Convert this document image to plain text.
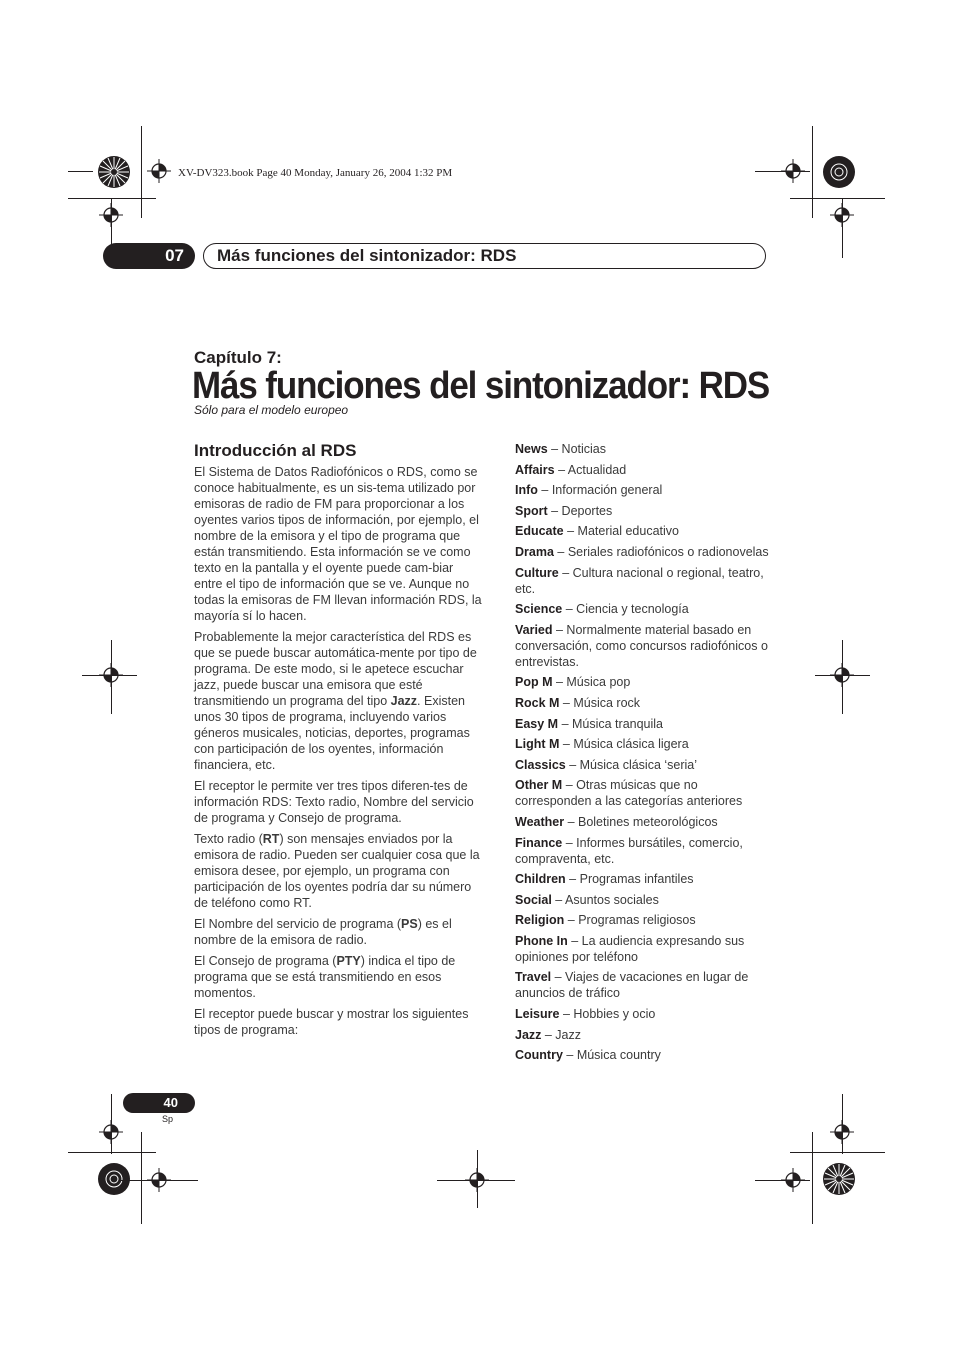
XV-DV323.book Page 40 Monday, January 26, 2004 1:32 PM
07	Más funciones del sintonizador: RDS
Capítulo 7:
Más funciones del sintonizador: RDS
Sólo para el modelo europeo
Introducción al RDS

El Sistema de Datos Radiofónicos o RDS, como se conoce habitualmente, es un sis-tema utilizado por emisoras de radio de FM para proporcionar a los oyentes varios tipos de información, por ejemplo, el nombre de la emisora y el tipo de programa que están transmitiendo. Esta información se ve como texto en la pantalla y el oyente puede cam-biar entre el tipo de información que se ve. Aunque no todas la emisoras de FM llevan información RDS, la mayoría sí lo hacen.

Probablemente la mejor característica del RDS es que se puede buscar automática-mente por tipo de programa. De este modo, si le apetece escuchar jazz, puede buscar una emisora que esté transmitiendo un programa del tipo Jazz. Existen unos 30 tipos de programa, incluyendo varios géneros musicales, noticias, deportes, programas con participación de los oyentes, información financiera, etc.

El receptor le permite ver tres tipos diferen-tes de información RDS: Texto radio, Nombre del servicio de programa y Consejo de programa.

Texto radio (RT) son mensajes enviados por la emisora de radio. Pueden ser cualquier cosa que la emisora desee, por ejemplo, un programa con participación de los oyentes podría dar su número de teléfono como RT.

El Nombre del servicio de programa (PS) es el nombre de la emisora de radio.

El Consejo de programa (PTY) indica el tipo de programa que se está transmitiendo en esos momentos.

El receptor puede buscar y mostrar los siguientes tipos de programa:

News – Noticias

Affairs – Actualidad

Info – Información general

Sport – Deportes

Educate – Material educativo

Drama – Seriales radiofónicos o radionovelas

Culture – Cultura nacional o regional, teatro, etc.

Science – Ciencia y tecnología

Varied – Normalmente material basado en conversación, como concursos radiofónicos o entrevistas.

Pop M – Música pop

Rock M – Música rock

Easy M – Música tranquila

Light M – Música clásica ligera

Classics – Música clásica ‘seria’

Other M – Otras músicas que no corresponden a las categorías anteriores

Weather – Boletines meteorológicos

Finance – Informes bursátiles, comercio, compraventa, etc.

Children – Programas infantiles

Social – Asuntos sociales

Religion – Programas religiosos

Phone In – La audiencia expresando sus opiniones por teléfono

Travel – Viajes de vacaciones en lugar de anuncios de tráfico

Leisure – Hobbies y ocio

Jazz – Jazz

Country – Música country

40
Sp
